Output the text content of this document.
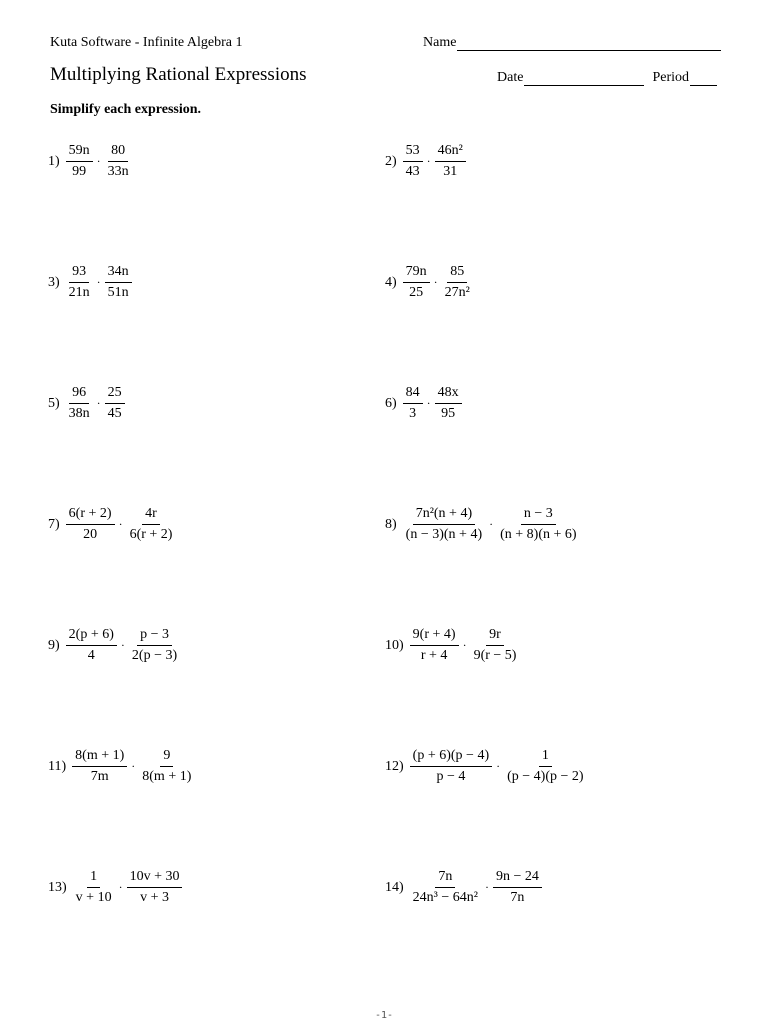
Kuta Software - Infinite Algebra 1	Name
Multiplying Rational Expressions	Date	Period
Simplify each expression.
$1) \frac{59n}{99} \cdot \frac{80}{33n}$	$2) \frac{53}{43} \cdot \frac{\text{46n²}}{31}$
$3) \frac{93}{21n} \cdot \frac{34n}{51n}$	$4) \frac{79n}{25} \cdot \frac{85}{\text{27n²}}$
$5) \frac{96}{38n} \cdot \frac{25}{45}$	$6) \frac{84}{3} \cdot \frac{48x}{95}$
$7) \frac{6(r + 2)}{20} \cdot \frac{4r}{6(r + 2)}$	$8) \frac{\text{7n²(n + 4)}}{(n - 3)(n + 4)} \cdot \frac{n - 3}{(n + 8)(n + 6)}$
$9) \frac{2(p + 6)}{4} \cdot \frac{p - 3}{2(p - 3)}$	$10) \frac{9(r + 4)}{r + 4} \cdot \frac{9r}{9(r - 5)}$
$11) \frac{8(m + 1)}{7m} \cdot \frac{9}{8(m + 1)}$	$12) \frac{(p + 6)(p - 4)}{p - 4} \cdot \frac{1}{(p - 4)(p - 2)}$
$13) \frac{1}{v + 10} \cdot \frac{10v + 30}{v + 3}$	$14) \frac{7n}{\text{24n³ − 64n²}} \cdot \frac{9n - 24}{7n}$
-1-
